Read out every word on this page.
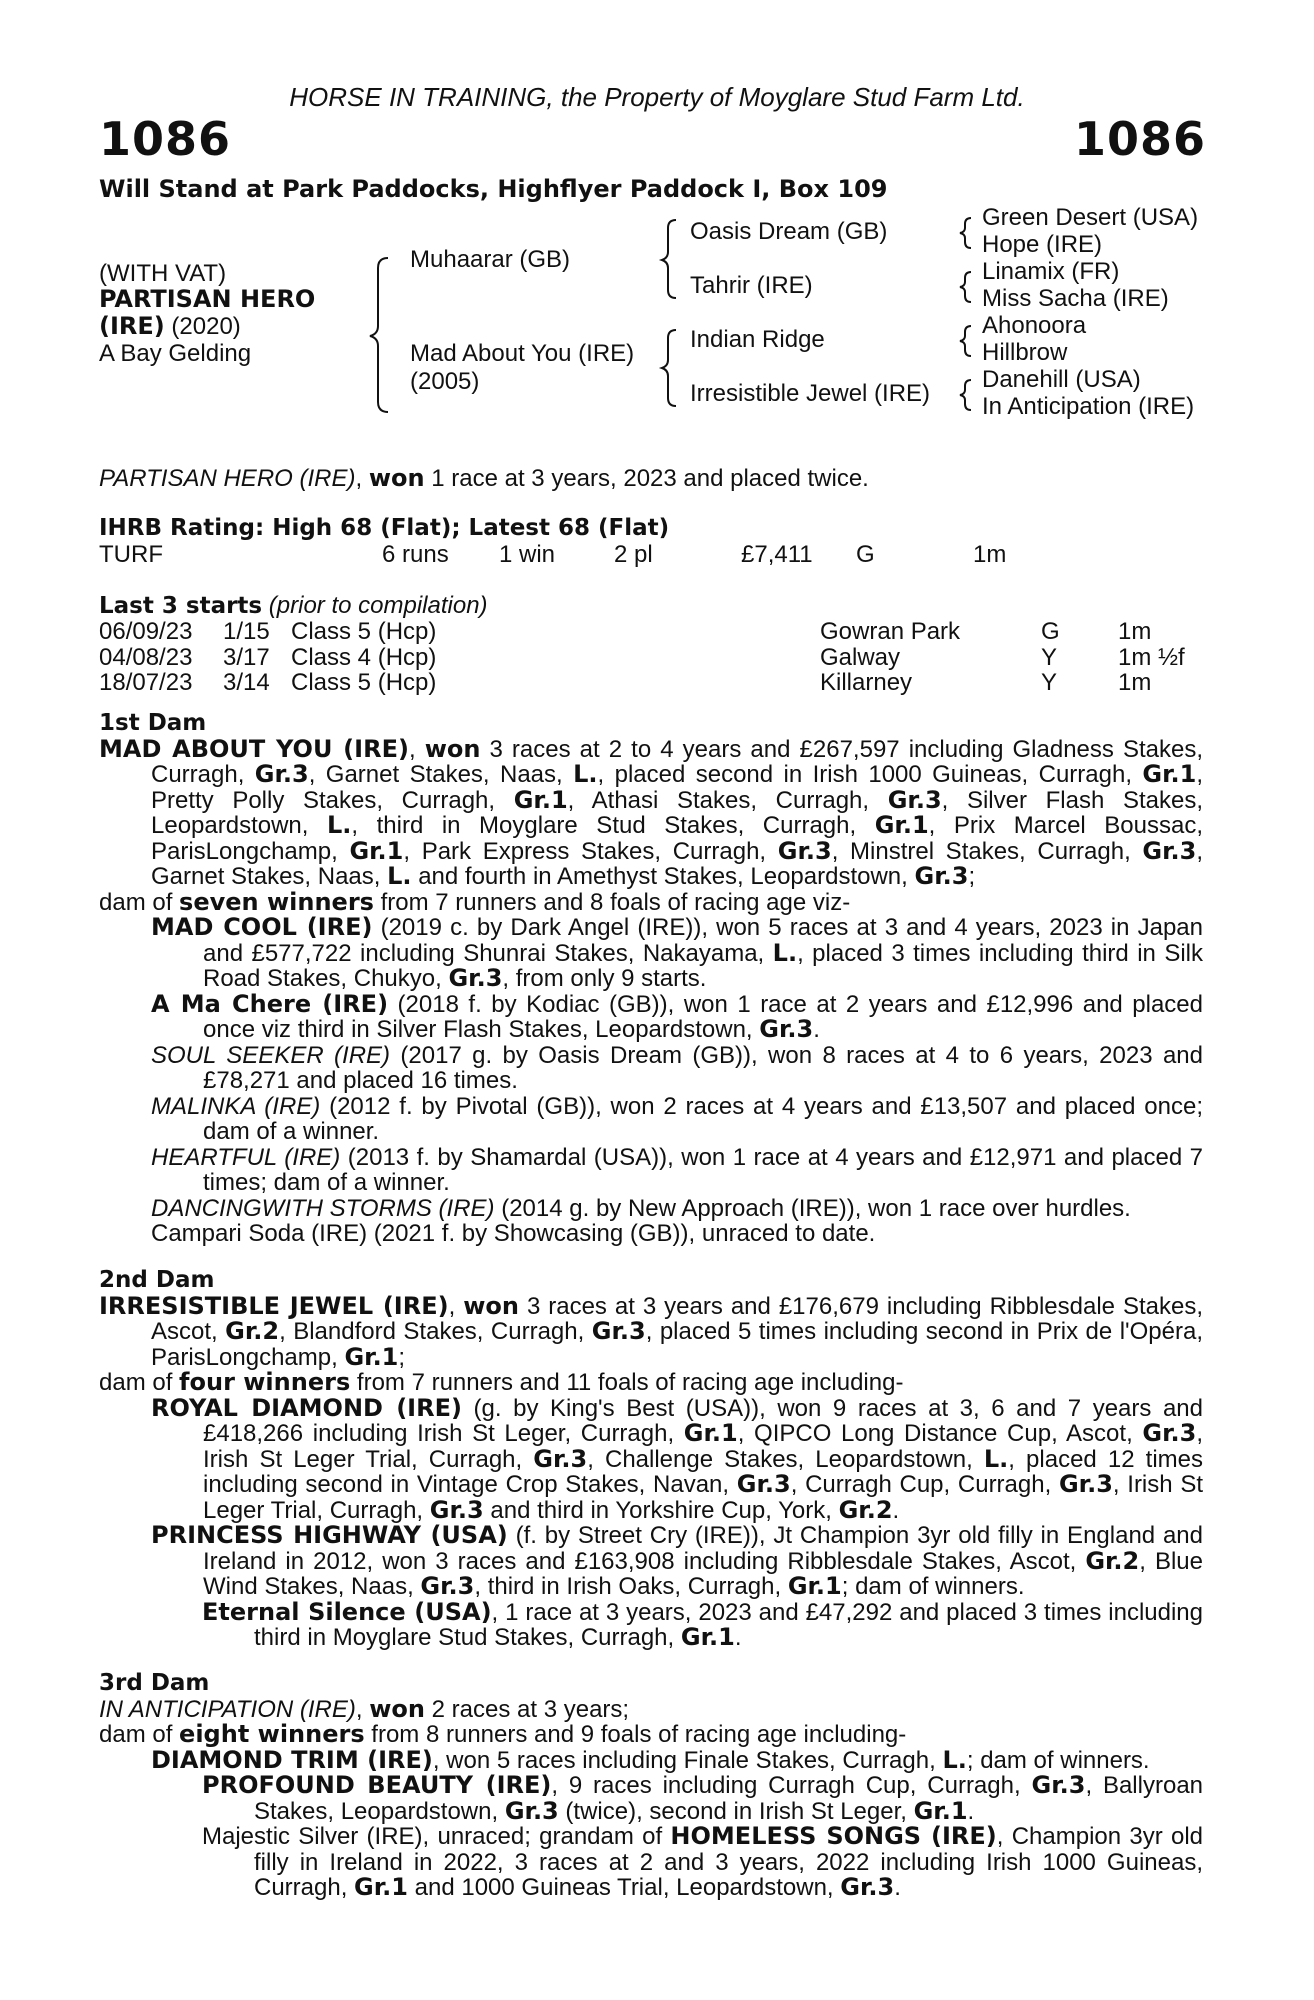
HORSE IN TRAINING, the Property of Moyglare Stud Farm Ltd.
1086	1086
Will Stand at Park Paddocks, Highflyer Paddock I, Box 109
(WITH VAT)
PARTISAN HERO
(IRE) (2020)
A Bay Gelding
Muhaarar (GB)
Mad About You (IRE)
(2005)
Oasis Dream (GB)
Tahrir (IRE)
Indian Ridge
Irresistible Jewel (IRE)
Green Desert (USA)
Hope (IRE)
Linamix (FR)
Miss Sacha (IRE)
Ahonoora
Hillbrow
Danehill (USA)
In Anticipation (IRE)
PARTISAN HERO (IRE), won 1 race at 3 years, 2023 and placed twice.
IHRB Rating: High 68 (Flat); Latest 68 (Flat)
TURF	6 runs 1 win 2 pl	£7,411 G	1m
Last 3 starts (prior to compilation)
06/09/23 1/15 Class 5 (Hcp)	Gowran Park	G 1m
04/08/23 3/17 Class 4 (Hcp)	Galway	Y	1m ½f
18/07/23 3/14 Class 5 (Hcp)	Killarney	Y	1m

1st Dam

MAD ABOUT YOU (IRE), won 3 races at 2 to 4 years and £267,597 including Gladness Stakes, Curragh, Gr.3, Garnet Stakes, Naas, L., placed second in Irish 1000 Guineas, Curragh, Gr.1, Pretty Polly Stakes, Curragh, Gr.1, Athasi Stakes, Curragh, Gr.3, Silver Flash Stakes, Leopardstown, L., third in Moyglare Stud Stakes, Curragh, Gr.1, Prix Marcel Boussac, ParisLongchamp, Gr.1, Park Express Stakes, Curragh, Gr.3, Minstrel Stakes, Curragh, Gr.3, Garnet Stakes, Naas, L. and fourth in Amethyst Stakes, Leopardstown, Gr.3;

dam of seven winners from 7 runners and 8 foals of racing age viz-

MAD COOL (IRE) (2019 c. by Dark Angel (IRE)), won 5 races at 3 and 4 years, 2023 in Japan and £577,722 including Shunrai Stakes, Nakayama, L., placed 3 times including third in Silk Road Stakes, Chukyo, Gr.3, from only 9 starts.

A Ma Chere (IRE) (2018 f. by Kodiac (GB)), won 1 race at 2 years and £12,996 and placed once viz third in Silver Flash Stakes, Leopardstown, Gr.3.

SOUL SEEKER (IRE) (2017 g. by Oasis Dream (GB)), won 8 races at 4 to 6 years, 2023 and £78,271 and placed 16 times.

MALINKA (IRE) (2012 f. by Pivotal (GB)), won 2 races at 4 years and £13,507 and placed once; dam of a winner.

HEARTFUL (IRE) (2013 f. by Shamardal (USA)), won 1 race at 4 years and £12,971 and placed 7 times; dam of a winner.

DANCINGWITH STORMS (IRE) (2014 g. by New Approach (IRE)), won 1 race over hurdles.

Campari Soda (IRE) (2021 f. by Showcasing (GB)), unraced to date.

2nd Dam

IRRESISTIBLE JEWEL (IRE), won 3 races at 3 years and £176,679 including Ribblesdale Stakes, Ascot, Gr.2, Blandford Stakes, Curragh, Gr.3, placed 5 times including second in Prix de l'Opéra, ParisLongchamp, Gr.1;

dam of four winners from 7 runners and 11 foals of racing age including-

ROYAL DIAMOND (IRE) (g. by King's Best (USA)), won 9 races at 3, 6 and 7 years and £418,266 including Irish St Leger, Curragh, Gr.1, QIPCO Long Distance Cup, Ascot, Gr.3, Irish St Leger Trial, Curragh, Gr.3, Challenge Stakes, Leopardstown, L., placed 12 times including second in Vintage Crop Stakes, Navan, Gr.3, Curragh Cup, Curragh, Gr.3, Irish St Leger Trial, Curragh, Gr.3 and third in Yorkshire Cup, York, Gr.2.

PRINCESS HIGHWAY (USA) (f. by Street Cry (IRE)), Jt Champion 3yr old filly in England and Ireland in 2012, won 3 races and £163,908 including Ribblesdale Stakes, Ascot, Gr.2, Blue Wind Stakes, Naas, Gr.3, third in Irish Oaks, Curragh, Gr.1; dam of winners.

Eternal Silence (USA), 1 race at 3 years, 2023 and £47,292 and placed 3 times including third in Moyglare Stud Stakes, Curragh, Gr.1.

3rd Dam

IN ANTICIPATION (IRE), won 2 races at 3 years;

dam of eight winners from 8 runners and 9 foals of racing age including-

DIAMOND TRIM (IRE), won 5 races including Finale Stakes, Curragh, L.; dam of winners.

PROFOUND BEAUTY (IRE), 9 races including Curragh Cup, Curragh, Gr.3, Ballyroan Stakes, Leopardstown, Gr.3 (twice), second in Irish St Leger, Gr.1.

Majestic Silver (IRE), unraced; grandam of HOMELESS SONGS (IRE), Champion 3yr old filly in Ireland in 2022, 3 races at 2 and 3 years, 2022 including Irish 1000 Guineas, Curragh, Gr.1 and 1000 Guineas Trial, Leopardstown, Gr.3.
